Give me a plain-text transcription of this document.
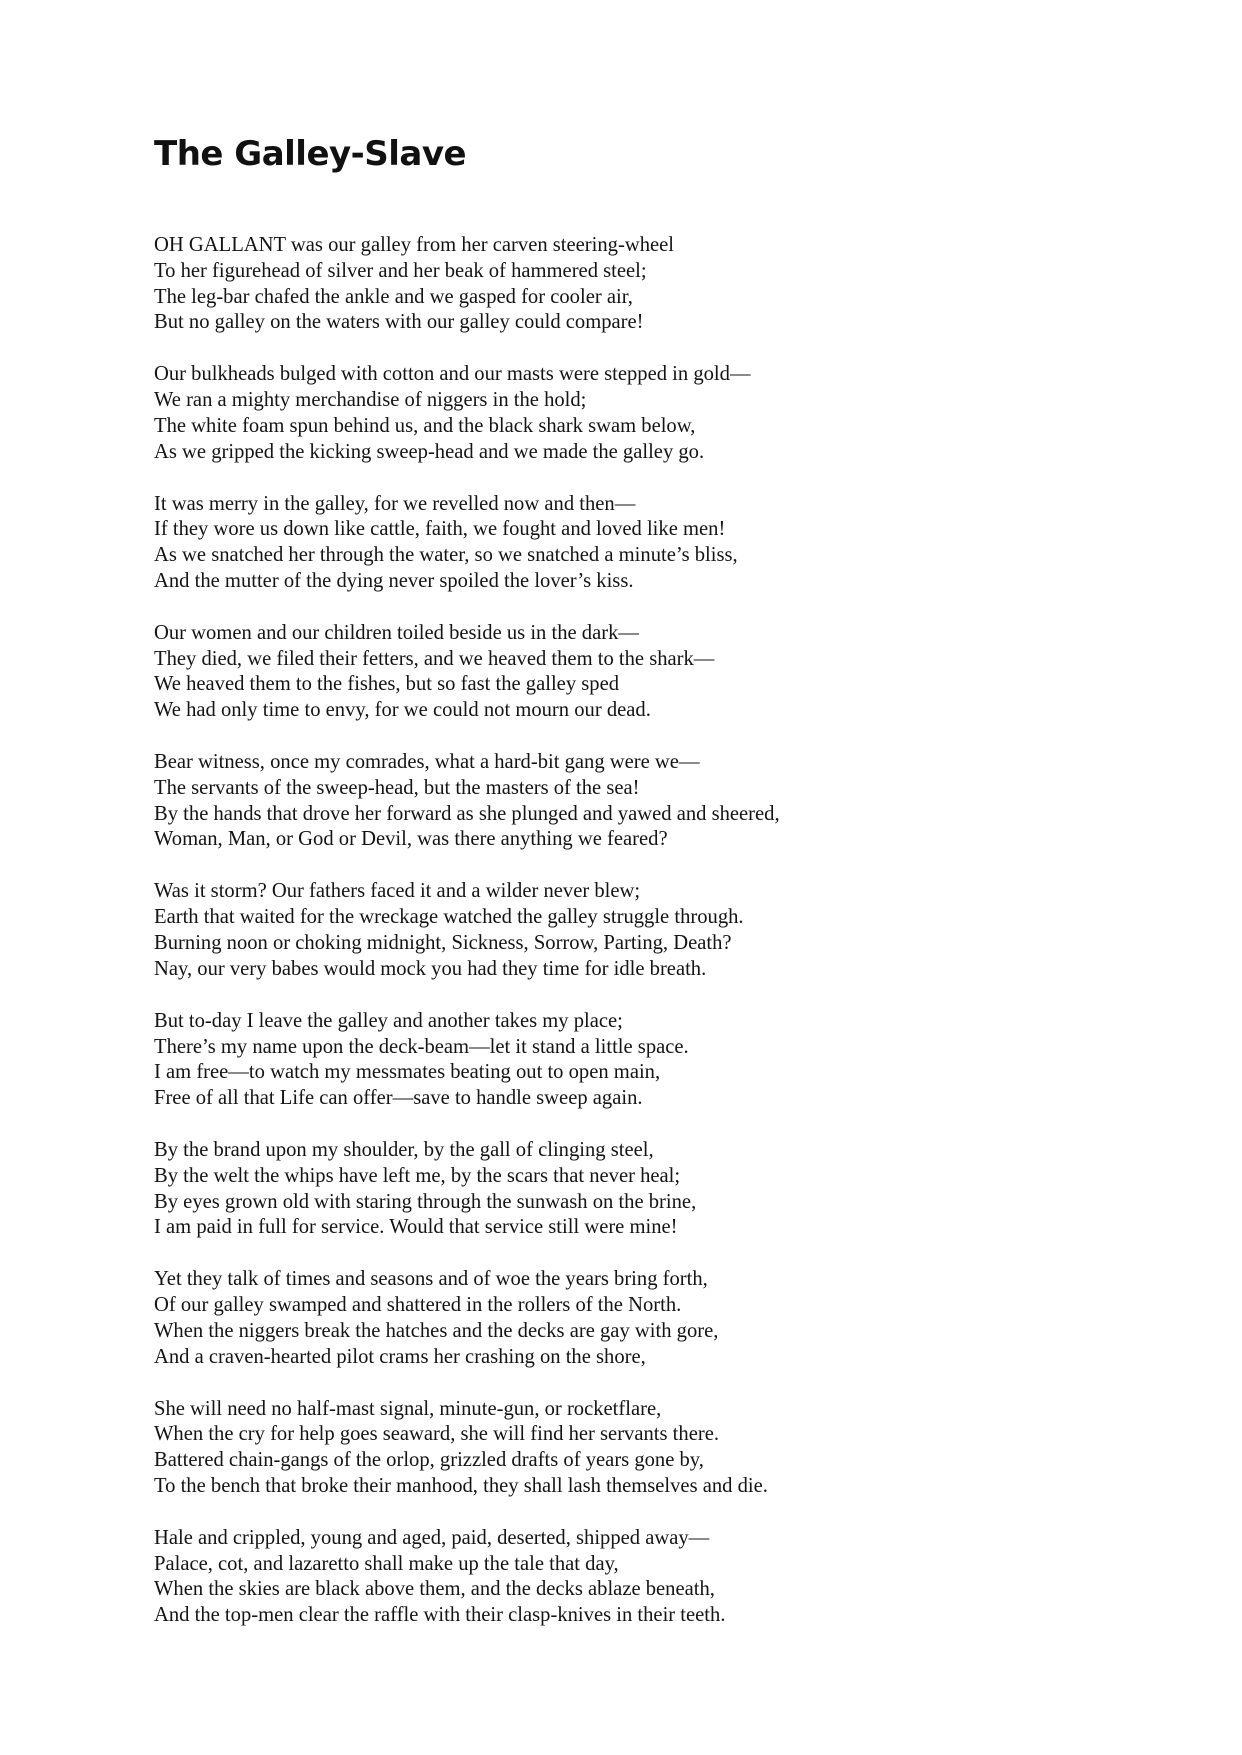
The Galley-Slave
OH GALLANT was our galley from her carven steering-wheel
To her figurehead of silver and her beak of hammered steel;
The leg-bar chafed the ankle and we gasped for cooler air,
But no galley on the waters with our galley could compare!
Our bulkheads bulged with cotton and our masts were stepped in gold—
We ran a mighty merchandise of niggers in the hold;
The white foam spun behind us, and the black shark swam below,
As we gripped the kicking sweep-head and we made the galley go.
It was merry in the galley, for we revelled now and then—
If they wore us down like cattle, faith, we fought and loved like men!
As we snatched her through the water, so we snatched a minute’s bliss,
And the mutter of the dying never spoiled the lover’s kiss.
Our women and our children toiled beside us in the dark—
They died, we filed their fetters, and we heaved them to the shark—
We heaved them to the fishes, but so fast the galley sped
We had only time to envy, for we could not mourn our dead.
Bear witness, once my comrades, what a hard-bit gang were we—
The servants of the sweep-head, but the masters of the sea!
By the hands that drove her forward as she plunged and yawed and sheered,
Woman, Man, or God or Devil, was there anything we feared?
Was it storm? Our fathers faced it and a wilder never blew;
Earth that waited for the wreckage watched the galley struggle through.
Burning noon or choking midnight, Sickness, Sorrow, Parting, Death?
Nay, our very babes would mock you had they time for idle breath.
But to-day I leave the galley and another takes my place;
There’s my name upon the deck-beam—let it stand a little space.
I am free—to watch my messmates beating out to open main,
Free of all that Life can offer—save to handle sweep again.
By the brand upon my shoulder, by the gall of clinging steel,
By the welt the whips have left me, by the scars that never heal;
By eyes grown old with staring through the sunwash on the brine,
I am paid in full for service. Would that service still were mine!
Yet they talk of times and seasons and of woe the years bring forth,
Of our galley swamped and shattered in the rollers of the North.
When the niggers break the hatches and the decks are gay with gore,
And a craven-hearted pilot crams her crashing on the shore,
She will need no half-mast signal, minute-gun, or rocketflare,
When the cry for help goes seaward, she will find her servants there.
Battered chain-gangs of the orlop, grizzled drafts of years gone by,
To the bench that broke their manhood, they shall lash themselves and die.
Hale and crippled, young and aged, paid, deserted, shipped away—
Palace, cot, and lazaretto shall make up the tale that day,
When the skies are black above them, and the decks ablaze beneath,
And the top-men clear the raffle with their clasp-knives in their teeth.
